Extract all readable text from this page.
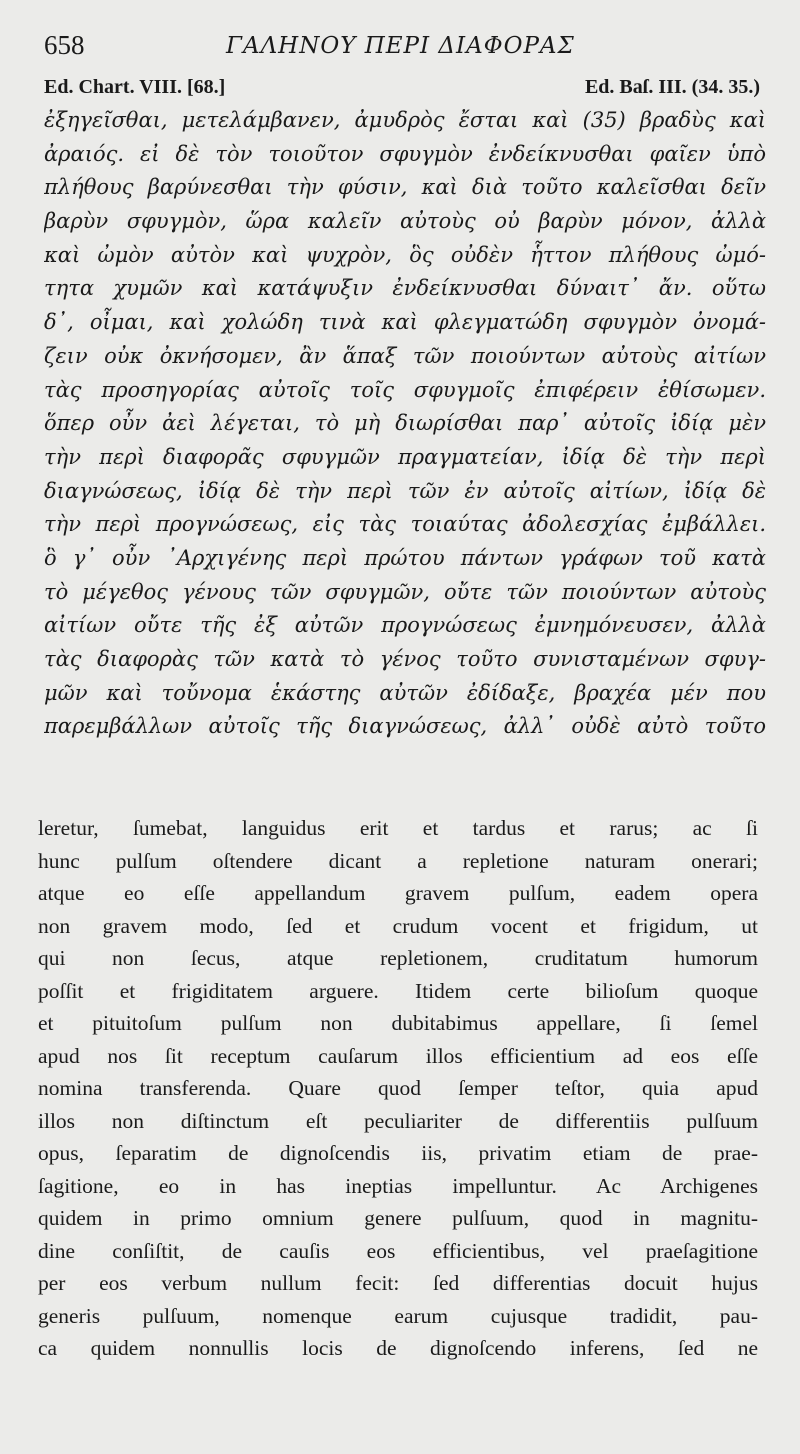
658	ΓΑΛΗΝΟΥ ΠΕΡΙ ΔΙΑΦΟΡΑΣ
Ed. Chart. VIII. [68.]	Ed. Baſ. III. (34. 35.)
ἐξηγεῖσθαι, μετελάμβανεν, ἀμυδρὸς ἔσται καὶ (35) βραδὺς καὶ
ἀραιός. εἰ δὲ τὸν τοιοῦτον σφυγμὸν ἐνδείκνυσθαι φαῖεν ὑπὸ
πλήθους βαρύνεσθαι τὴν φύσιν, καὶ διὰ τοῦτο καλεῖσθαι δεῖν
βαρὺν σφυγμὸν, ὥρα καλεῖν αὐτοὺς οὐ βαρὺν μόνον, ἀλλὰ
καὶ ὠμὸν αὐτὸν καὶ ψυχρὸν, ὃς οὐδὲν ἧττον πλήθους ὠμό-
τητα χυμῶν καὶ κατάψυξιν ἐνδείκνυσθαι δύναιτ᾽ ἄν. οὕτω
δ᾽, οἶμαι, καὶ χολώδη τινὰ καὶ φλεγματώδη σφυγμὸν ὀνομά-
ζειν οὐκ ὀκνήσομεν, ἂν ἅπαξ τῶν ποιούντων αὐτοὺς αἰτίων
τὰς προσηγορίας αὐτοῖς τοῖς σφυγμοῖς ἐπιφέρειν ἐθίσωμεν.
ὅπερ οὖν ἀεὶ λέγεται, τὸ μὴ διωρίσθαι παρ᾽ αὐτοῖς ἰδίᾳ μὲν
τὴν περὶ διαφορᾶς σφυγμῶν πραγματείαν, ἰδίᾳ δὲ τὴν περὶ
διαγνώσεως, ἰδίᾳ δὲ τὴν περὶ τῶν ἐν αὐτοῖς αἰτίων, ἰδίᾳ δὲ
τὴν περὶ προγνώσεως, εἰς τὰς τοιαύτας ἀδολεσχίας ἐμβάλλει.
ὃ γ᾽ οὖν ᾿Αρχιγένης περὶ πρώτου πάντων γράφων τοῦ κατὰ
τὸ μέγεθος γένους τῶν σφυγμῶν, οὔτε τῶν ποιούντων αὐτοὺς
αἰτίων οὔτε τῆς ἐξ αὐτῶν προγνώσεως ἐμνημόνευσεν, ἀλλὰ
τὰς διαφορὰς τῶν κατὰ τὸ γένος τοῦτο συνισταμένων σφυγ-
μῶν καὶ τοὔνομα ἑκάστης αὐτῶν ἐδίδαξε, βραχέα μέν που
παρεμβάλλων αὐτοῖς τῆς διαγνώσεως, ἀλλ᾽ οὐδὲ αὐτὸ τοῦτο
leretur, ſumebat, languidus erit et tardus et rarus; ac ſi
hunc pulſum oſtendere dicant a repletione naturam onerari;
atque eo eſſe appellandum gravem pulſum, eadem opera
non gravem modo, ſed et crudum vocent et frigidum, ut
qui non ſecus, atque repletionem, cruditatum humorum
poſſit et frigiditatem arguere. Itidem certe bilioſum quoque
et pituitoſum pulſum non dubitabimus appellare, ſi ſemel
apud nos ſit receptum cauſarum illos efficientium ad eos eſſe
nomina transferenda. Quare quod ſemper teſtor, quia apud
illos non diſtinctum eſt peculiariter de differentiis pulſuum
opus, ſeparatim de dignoſcendis iis, privatim etiam de prae-
ſagitione, eo in has ineptias impelluntur. Ac Archigenes
quidem in primo omnium genere pulſuum, quod in magnitu-
dine conſiſtit, de cauſis eos efficientibus, vel praeſagitione
per eos verbum nullum fecit: ſed differentias docuit hujus
generis pulſuum, nomenque earum cujusque tradidit, pau-
ca quidem nonnullis locis de dignoſcendo inferens, ſed ne
